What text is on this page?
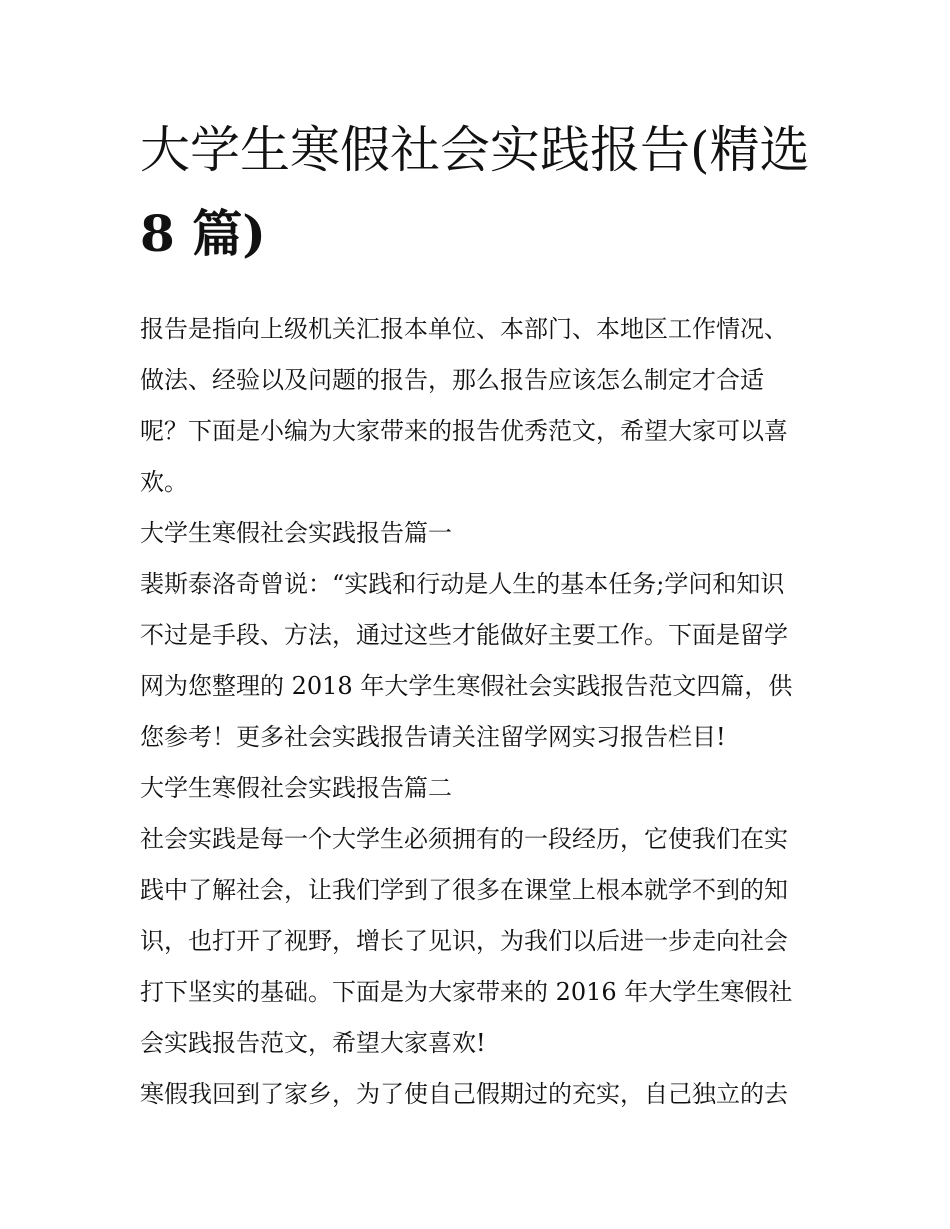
大学生寒假社会实践报告(精选
8 篇)

报告是指向上级机关汇报本单位、本部门、本地区工作情况、
做法、经验以及问题的报告，那么报告应该怎么制定才合适
呢？下面是小编为大家带来的报告优秀范文，希望大家可以喜
欢。

大学生寒假社会实践报告篇一

裴斯泰洛奇曾说：“实践和行动是人生的基本任务;学问和知识
不过是手段、方法，通过这些才能做好主要工作。下面是留学
网为您整理的 2018 年大学生寒假社会实践报告范文四篇，供
您参考！更多社会实践报告请关注留学网实习报告栏目!

大学生寒假社会实践报告篇二

社会实践是每一个大学生必须拥有的一段经历，它使我们在实
践中了解社会，让我们学到了很多在课堂上根本就学不到的知
识，也打开了视野，增长了见识，为我们以后进一步走向社会
打下坚实的基础。下面是为大家带来的 2016 年大学生寒假社
会实践报告范文，希望大家喜欢!

寒假我回到了家乡，为了使自己假期过的充实，自己独立的去
